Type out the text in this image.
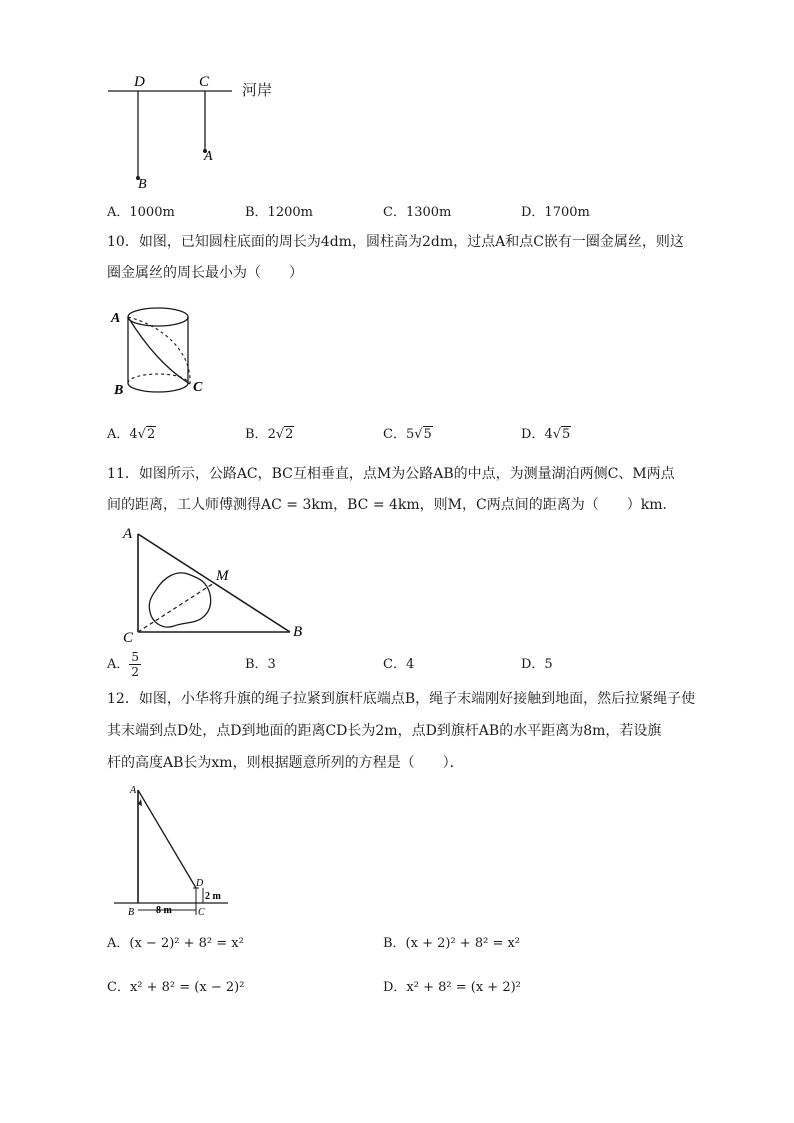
D	C
A
B
河岸
A．1000m	B．1200m	C．1300m	D．1700m
10．如图，已知圆柱底面的周长为4dm，圆柱高为2dm，过点A和点C嵌有一圈金属丝，则这
圈金属丝的周长最小为（　　）
A
B	C
A．4√2	B．2√2	C．5√5	D．4√5
11．如图所示，公路AC，BC互相垂直，点M为公路AB的中点，为测量湖泊两侧C、M两点
间的距离，工人师傅测得AC = 3km，BC = 4km，则M，C两点间的距离为（　　）km．
A
M
C	B
A． $\frac{5}{2}$	B．3	C．4	D．5
12．如图，小华将升旗的绳子拉紧到旗杆底端点B，绳子末端刚好接触到地面，然后拉紧绳子使
其末端到点D处，点D到地面的距离CD长为2m，点D到旗杆AB的水平距离为8m，若设旗
杆的高度AB长为xm，则根据题意所列的方程是（　　）．
A
D
B	C
2 m
8 m
A．(x − 2)² + 8² = x²	B．(x + 2)² + 8² = x²
C．x² + 8² = (x − 2)²	D．x² + 8² = (x + 2)²
